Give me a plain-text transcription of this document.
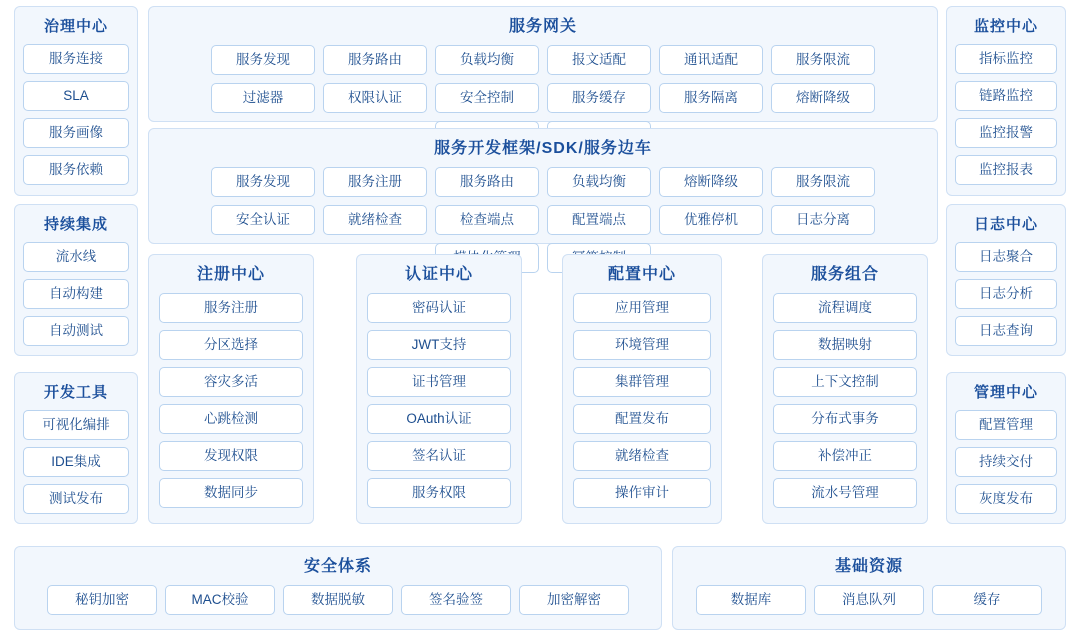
治理中心
服务连接
SLA
服务画像
服务依赖
持续集成
流水线
自动构建
自动测试
开发工具
可视化编排
IDE集成
测试发布
服务网关
服务发现	服务路由	负载均衡	报文适配	通讯适配	服务限流
过滤器	权限认证	安全控制	服务缓存	服务隔离	熔断降级
服务开发框架/SDK/服务边车
服务发现	服务注册	服务路由	负载均衡	熔断降级	服务限流
安全认证	就绪检查	检查端点	配置端点	优雅停机	日志分离
注册中心
服务注册
分区选择
容灾多活
心跳检测
发现权限
数据同步
认证中心
密码认证
JWT支持
证书管理
OAuth认证
签名认证
服务权限
配置中心
应用管理
环境管理
集群管理
配置发布
就绪检查
操作审计
服务组合
流程调度
数据映射
上下文控制
分布式事务
补偿冲正
流水号管理
监控中心
指标监控
链路监控
监控报警
监控报表
日志中心
日志聚合
日志分析
日志查询
管理中心
配置管理
持续交付
灰度发布
安全体系
秘钥加密	MAC校验	数据脱敏	签名验签	加密解密
基础资源
数据库	消息队列	缓存
